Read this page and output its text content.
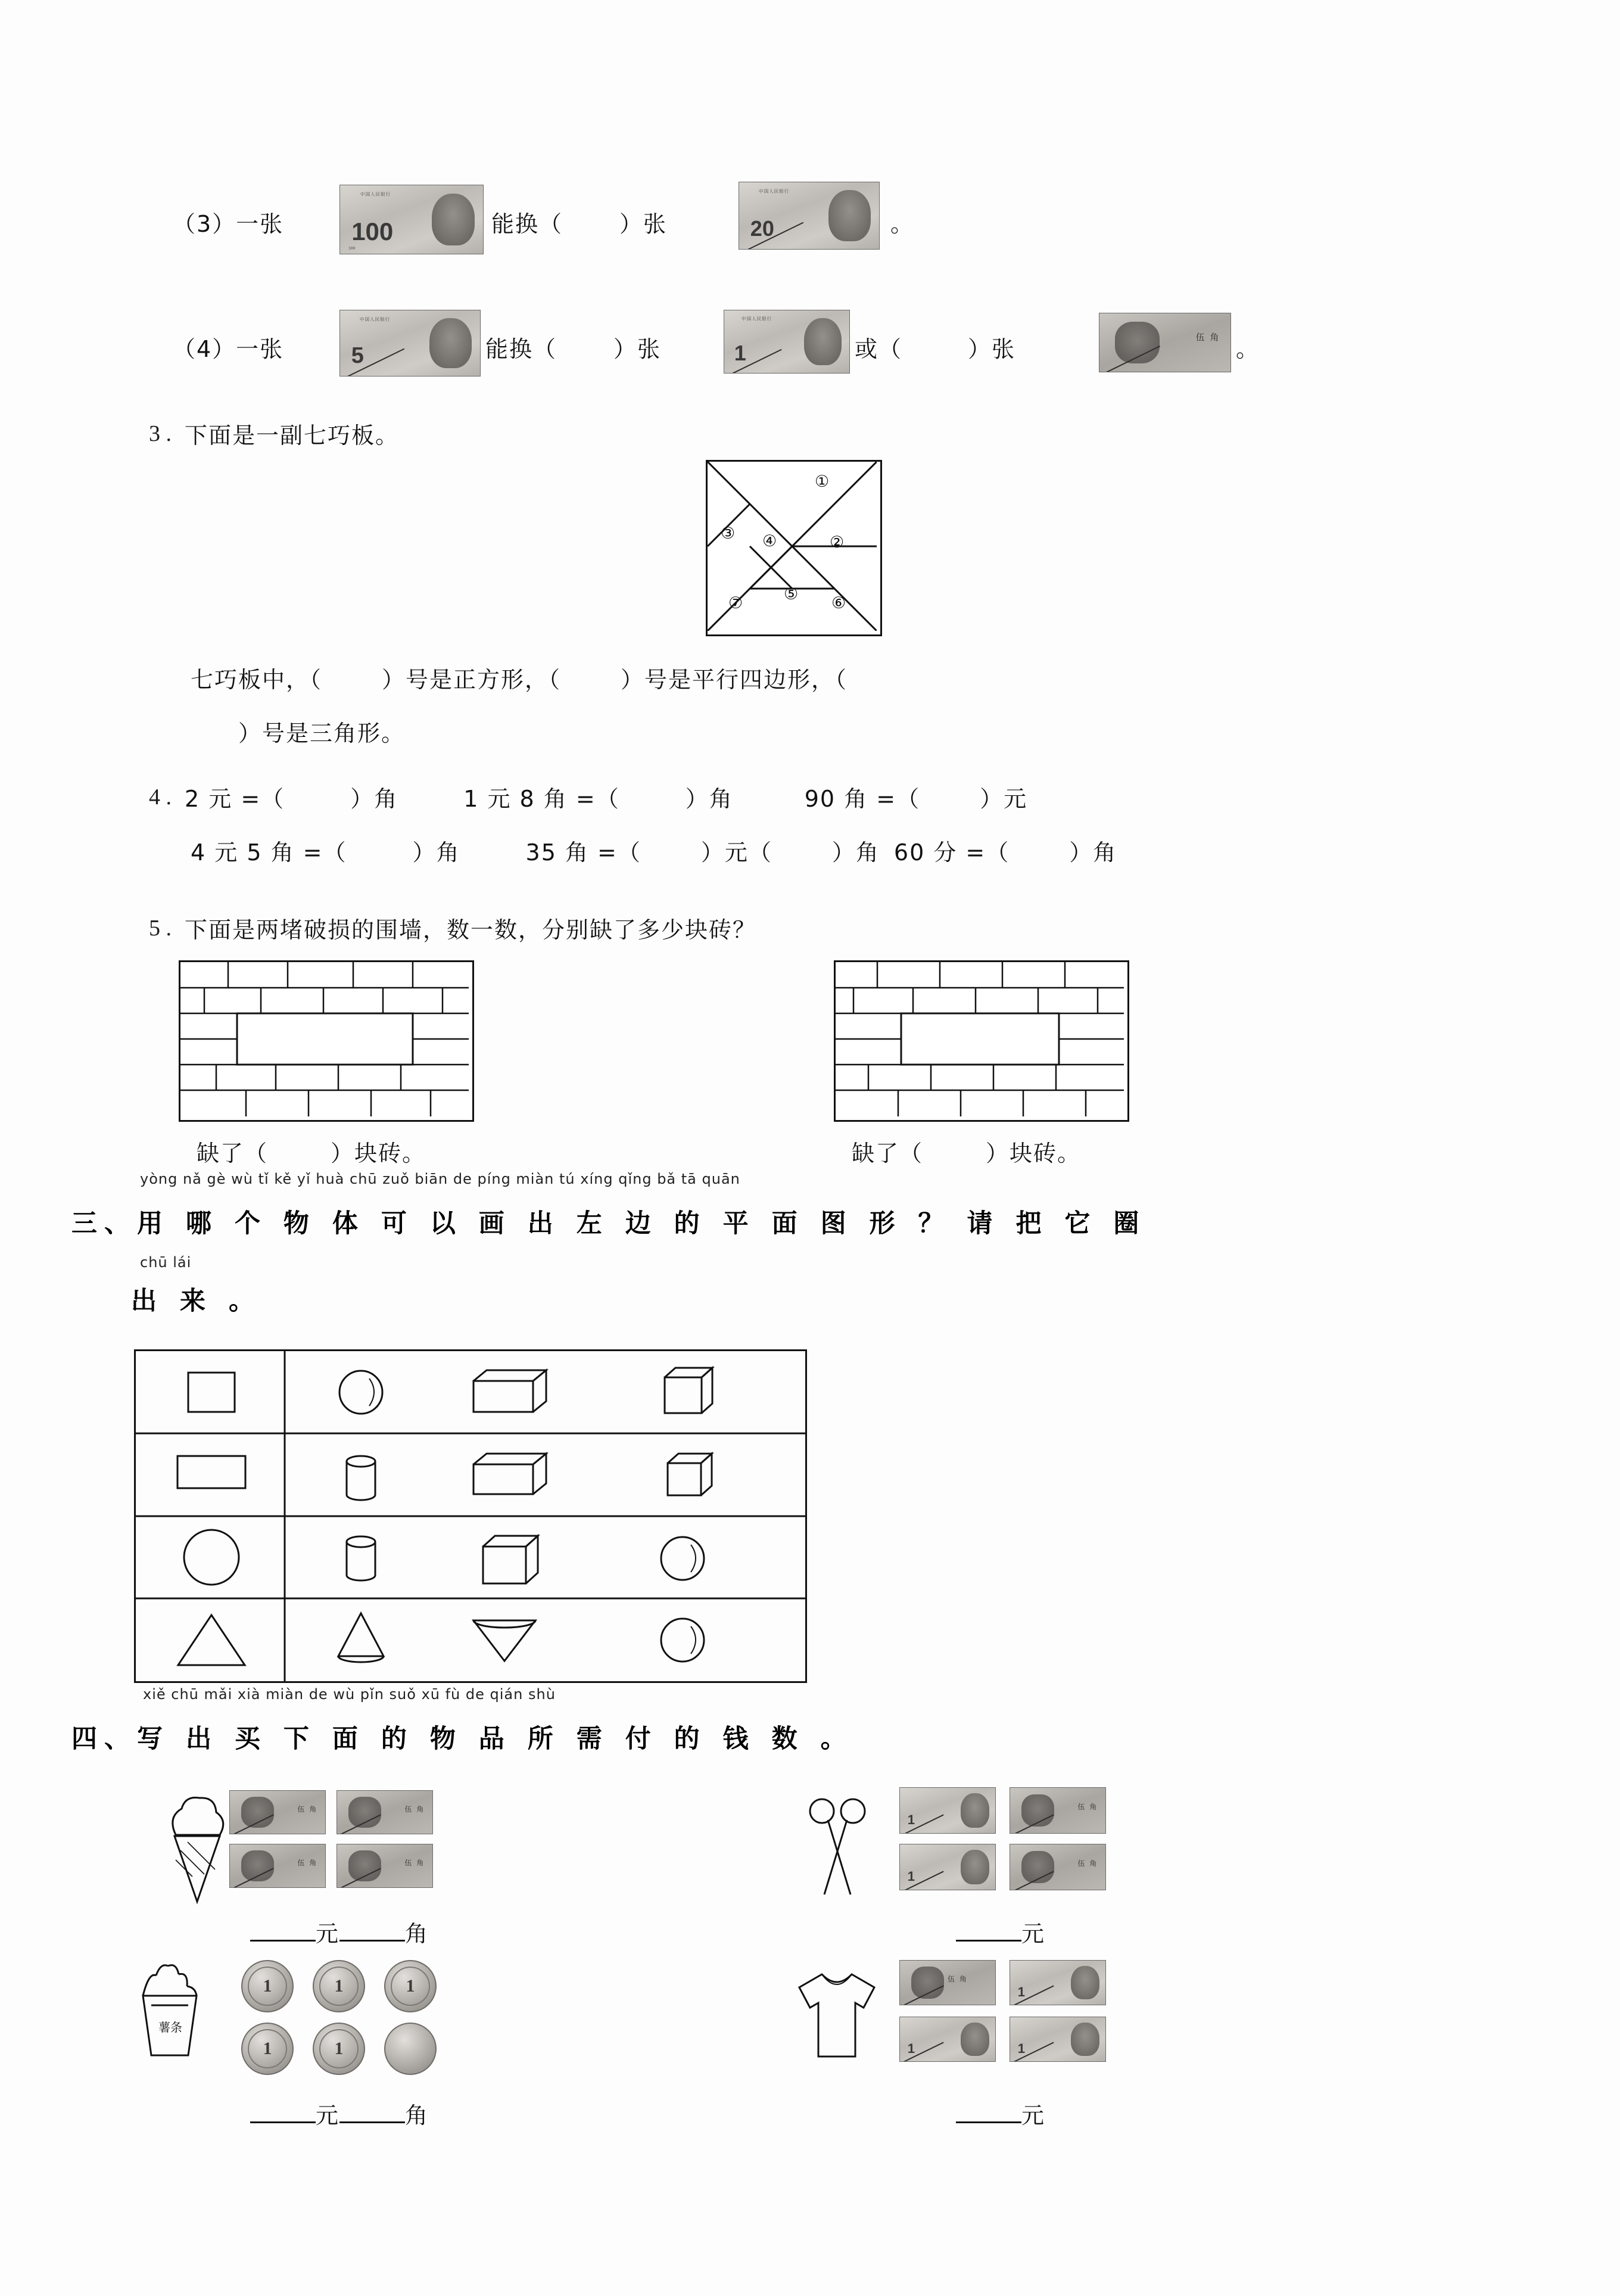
（3）一张
中国人民银行
100
100
能换（	）张
中国人民银行
20	。
（4）一张
中国人民银行
5	能换（	）张
中国人民银行
1	或（	）张	伍 角 。
3 . 下面是一副七巧板。
①
②
③ ④
⑤ ⑥
⑦
七巧板中，（	）号是正方形，（	）号是平行四边形，（
）号是三角形。
4 . 2 元 =（	）角	1 元 8 角 =（	）角	90 角 =（	）元
4 元 5 角 =（	）角	35 角 =（	）元（	）角 60 分 =（	）角
5 . 下面是两堵破损的围墙，数一数，分别缺了多少块砖？
缺了（	）块砖。	缺了（	）块砖。
yòng nǎ gè wù tǐ kě yǐ huà chū zuǒ biān de píng miàn tú xíng qǐng bǎ tā quān
三、用 哪 个 物 体 可 以 画 出 左 边 的 平 面 图 形 ？ 请 把 它 圈
chū lái
出 来 。
xiě chū mǎi xià miàn de wù pǐn suǒ xū fù de qián shù
四、写 出 买 下 面 的 物 品 所 需 付 的 钱 数 。
伍 角	伍 角
伍 角	伍 角
元	角
1
伍 角
1
伍 角
元
薯条
1	1	1
1	1
元	角
伍 角
1
1	1
元
